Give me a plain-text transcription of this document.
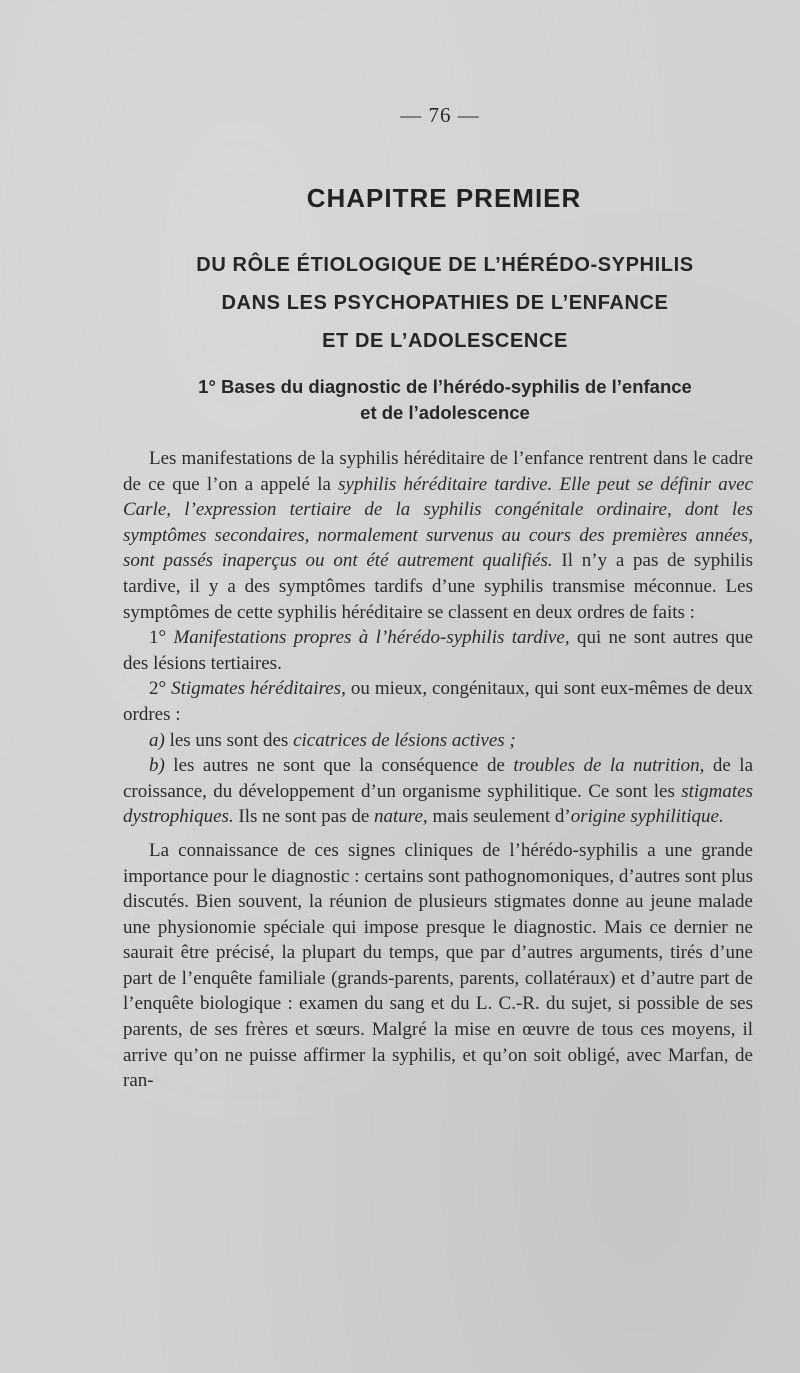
— 76 —
CHAPITRE PREMIER
DU RÔLE ÉTIOLOGIQUE DE L’HÉRÉDO-SYPHILIS
DANS LES PSYCHOPATHIES DE L’ENFANCE
ET DE L’ADOLESCENCE
1° Bases du diagnostic de l’hérédo-syphilis de l’enfance
et de l’adolescence

Les manifestations de la syphilis héréditaire de l’enfance rentrent dans le cadre de ce que l’on a appelé la syphilis héréditaire tardive. Elle peut se définir avec Carle, l’expression tertiaire de la syphilis congénitale ordinaire, dont les symptômes secondaires, normalement survenus au cours des premières années, sont passés inaperçus ou ont été autrement qualifiés. Il n’y a pas de syphilis tardive, il y a des symptômes tardifs d’une syphilis transmise méconnue. Les symptômes de cette syphilis héréditaire se classent en deux ordres de faits :

1° Manifestations propres à l’hérédo-syphilis tardive, qui ne sont autres que des lésions tertiaires.

2° Stigmates héréditaires, ou mieux, congénitaux, qui sont eux-mêmes de deux ordres :

a) les uns sont des cicatrices de lésions actives ;

b) les autres ne sont que la conséquence de troubles de la nutrition, de la croissance, du développement d’un organisme syphilitique. Ce sont les stigmates dystrophiques. Ils ne sont pas de nature, mais seulement d’origine syphilitique.

La connaissance de ces signes cliniques de l’hérédo-syphilis a une grande importance pour le diagnostic : certains sont pathognomoniques, d’autres sont plus discutés. Bien souvent, la réunion de plusieurs stigmates donne au jeune malade une physionomie spéciale qui impose presque le diagnostic. Mais ce dernier ne saurait être précisé, la plupart du temps, que par d’autres arguments, tirés d’une part de l’enquête familiale (grands-parents, parents, collatéraux) et d’autre part de l’enquête biologique : examen du sang et du L. C.-R. du sujet, si possible de ses parents, de ses frères et sœurs. Malgré la mise en œuvre de tous ces moyens, il arrive qu’on ne puisse affirmer la syphilis, et qu’on soit obligé, avec Marfan, de ran-
